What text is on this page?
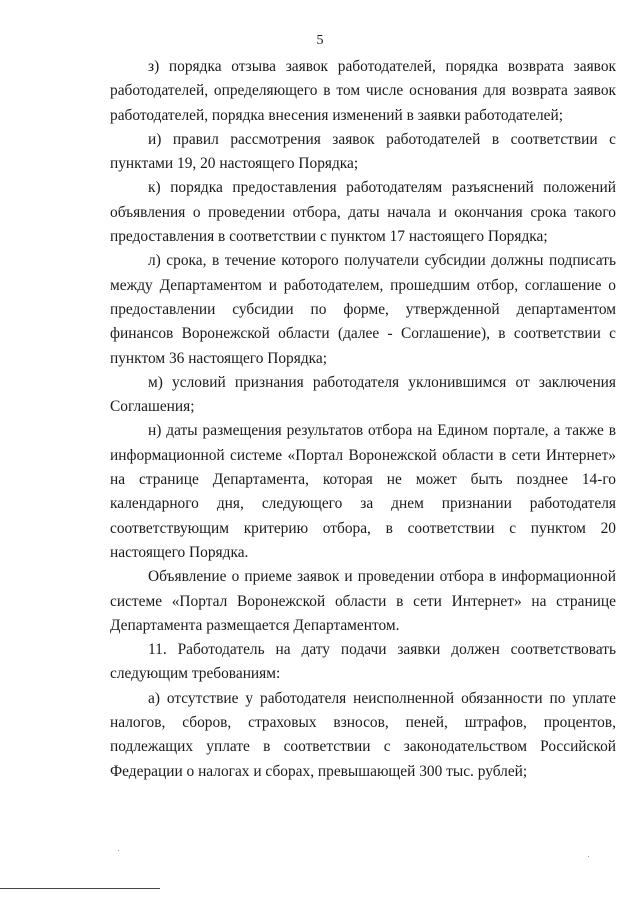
5

з) порядка отзыва заявок работодателей, порядка возврата заявок работодателей, определяющего в том числе основания для возврата заявок работодателей, порядка внесения изменений в заявки работодателей;

и) правил рассмотрения заявок работодателей в соответствии с пунктами 19, 20 настоящего Порядка;

к) порядка предоставления работодателям разъяснений положений объявления о проведении отбора, даты начала и окончания срока такого предоставления в соответствии с пунктом 17 настоящего Порядка;

л) срока, в течение которого получатели субсидии должны подписать между Департаментом и работодателем, прошедшим отбор, соглашение о предоставлении субсидии по форме, утвержденной департаментом финансов Воронежской области (далее - Соглашение), в соответствии с пунктом 36 настоящего Порядка;

м) условий признания работодателя уклонившимся от заключения Соглашения;

н) даты размещения результатов отбора на Едином портале, а также в информационной системе «Портал Воронежской области в сети Интернет» на странице Департамента, которая не может быть позднее 14-го календарного дня, следующего за днем признании работодателя соответствующим критерию отбора, в соответствии с пунктом 20 настоящего Порядка.

Объявление о приеме заявок и проведении отбора в информационной системе «Портал Воронежской области в сети Интернет» на странице Департамента размещается Департаментом.

11. Работодатель на дату подачи заявки должен соответствовать следующим требованиям:

а) отсутствие у работодателя неисполненной обязанности по уплате налогов, сборов, страховых взносов, пеней, штрафов, процентов, подлежащих уплате в соответствии с законодательством Российской Федерации о налогах и сборах, превышающей 300 тыс. рублей;
